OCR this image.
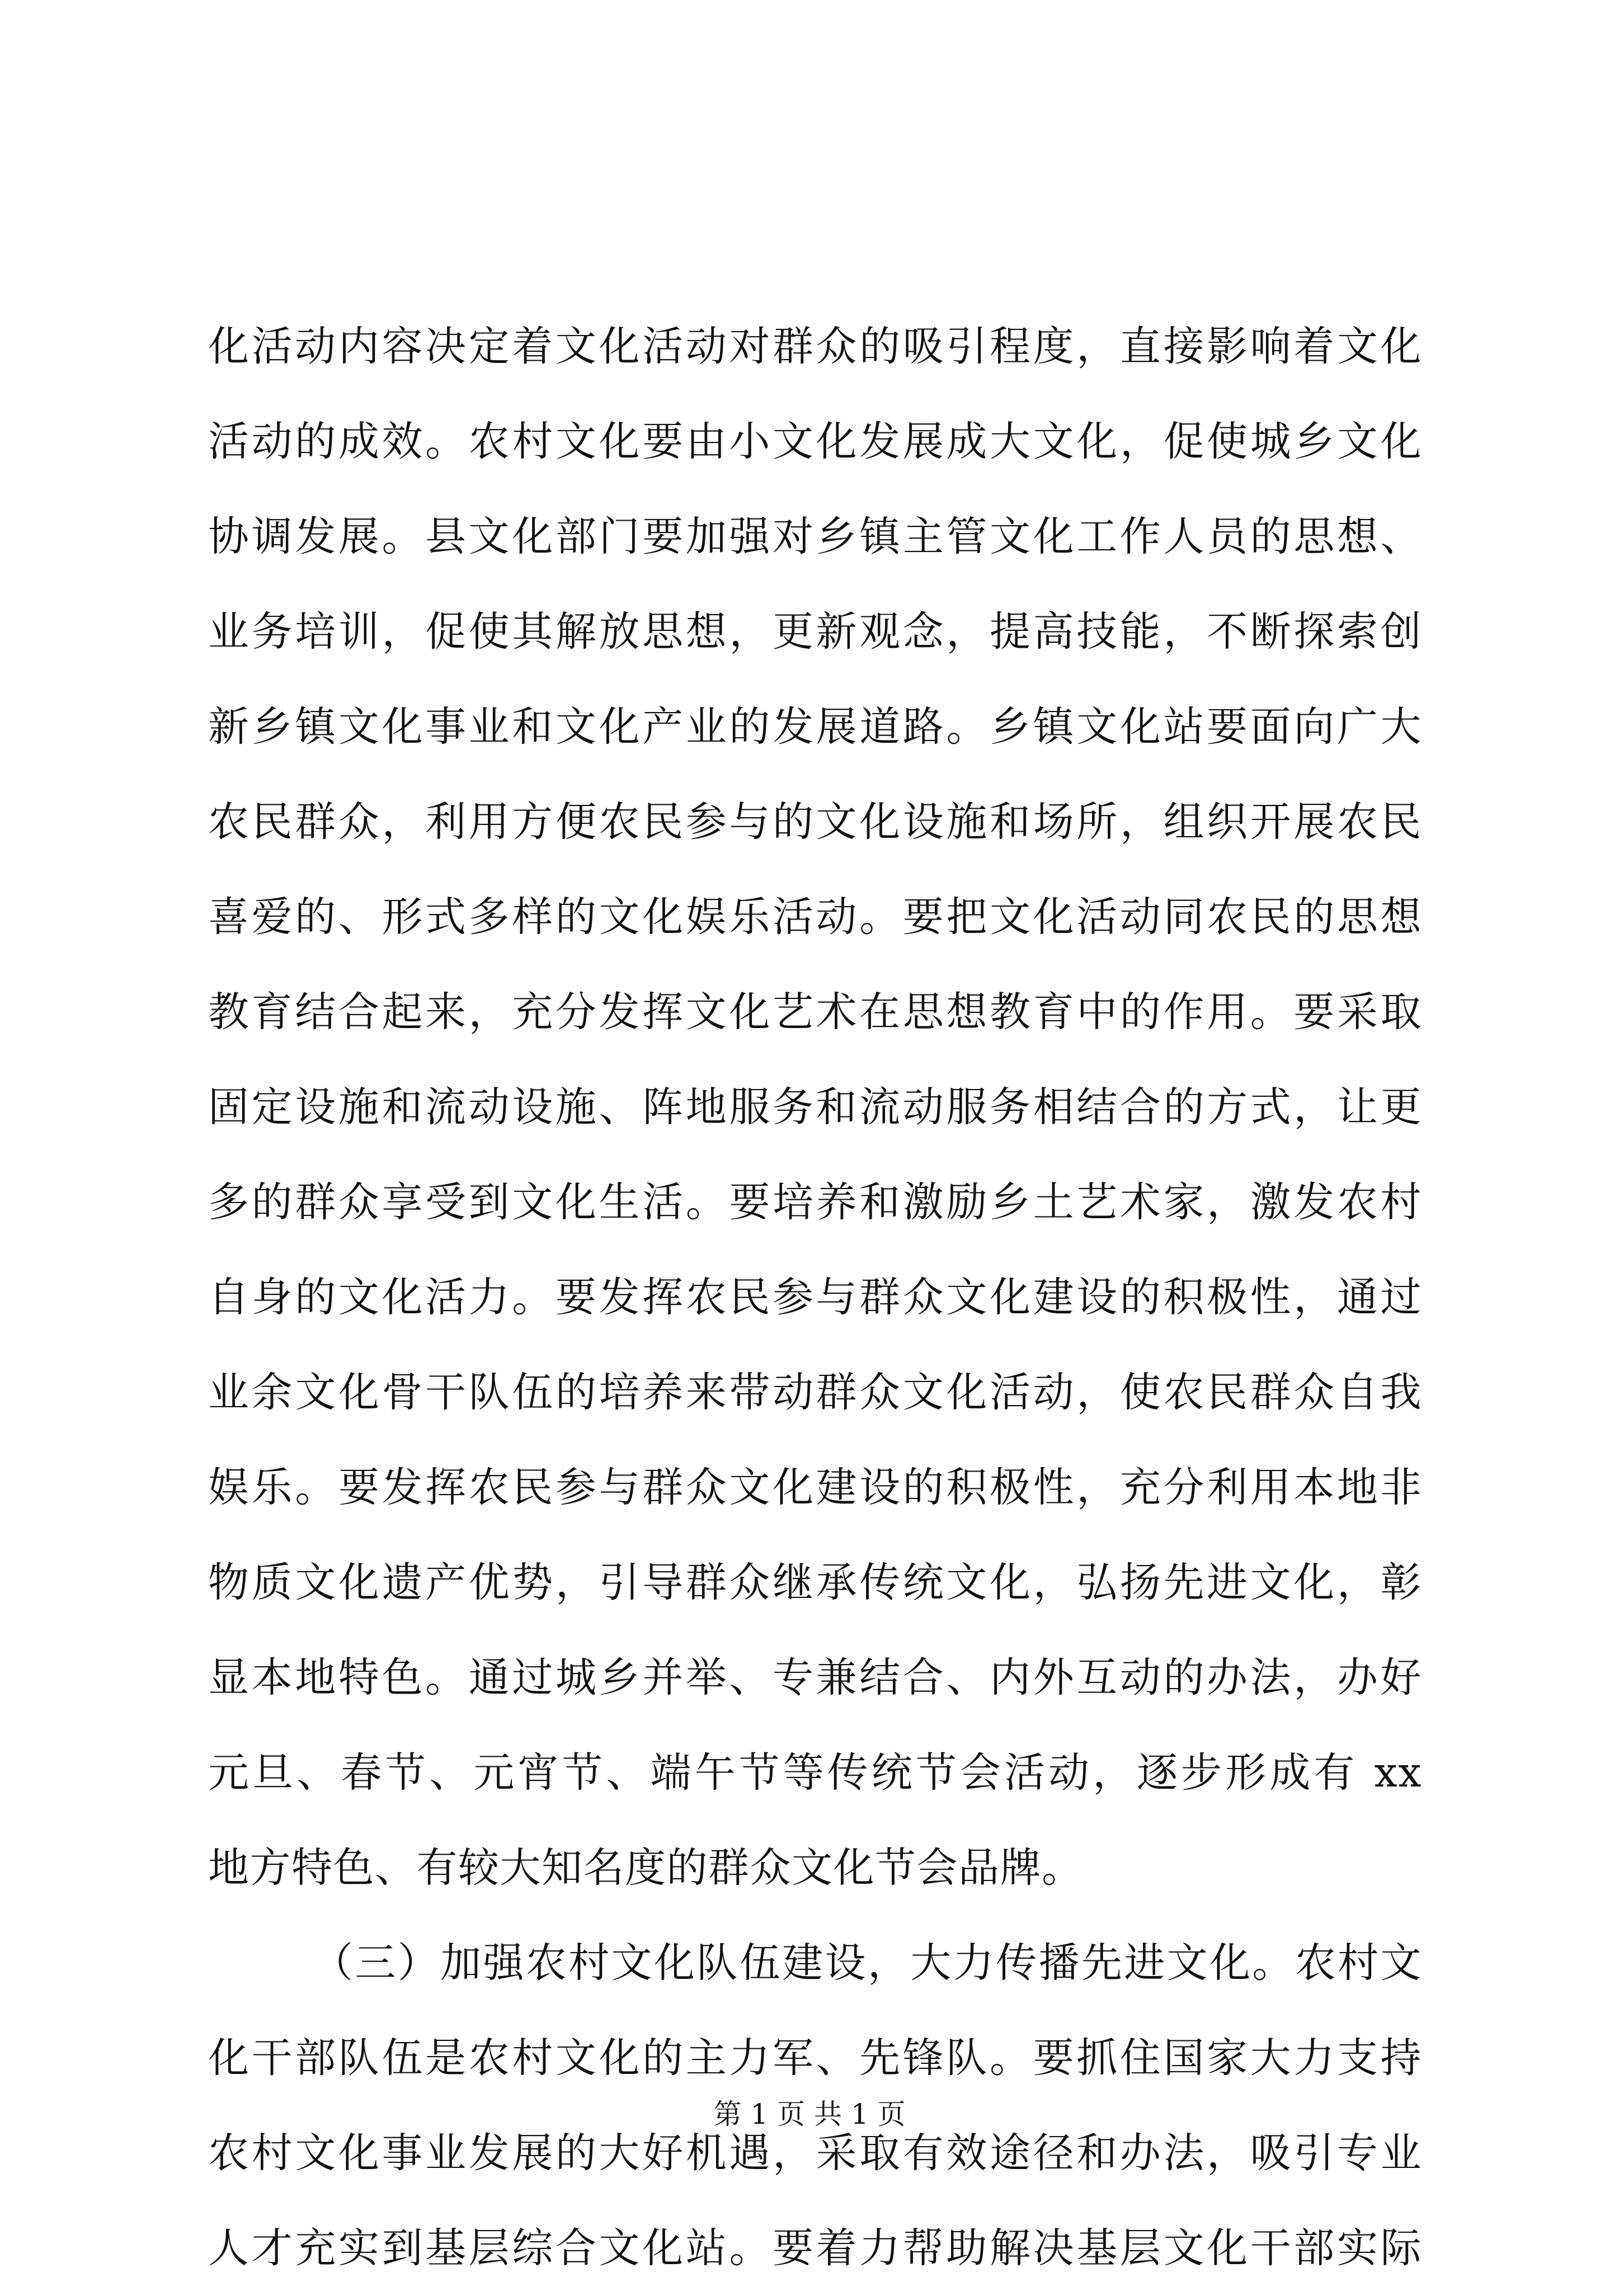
化活动内容决定着文化活动对群众的吸引程度，直接影响着文化
活动的成效。农村文化要由小文化发展成大文化，促使城乡文化
协调发展。县文化部门要加强对乡镇主管文化工作人员的思想、
业务培训，促使其解放思想，更新观念，提高技能，不断探索创
新乡镇文化事业和文化产业的发展道路。乡镇文化站要面向广大
农民群众，利用方便农民参与的文化设施和场所，组织开展农民
喜爱的、形式多样的文化娱乐活动。要把文化活动同农民的思想
教育结合起来，充分发挥文化艺术在思想教育中的作用。要采取
固定设施和流动设施、阵地服务和流动服务相结合的方式，让更
多的群众享受到文化生活。要培养和激励乡土艺术家，激发农村
自身的文化活力。要发挥农民参与群众文化建设的积极性，通过
业余文化骨干队伍的培养来带动群众文化活动，使农民群众自我
娱乐。要发挥农民参与群众文化建设的积极性，充分利用本地非
物质文化遗产优势，引导群众继承传统文化，弘扬先进文化，彰
显本地特色。通过城乡并举、专兼结合、内外互动的办法，办好
元旦、春节、元宵节、端午节等传统节会活动，逐步形成有 xx
地方特色、有较大知名度的群众文化节会品牌。
（三）加强农村文化队伍建设，大力传播先进文化。农村文
化干部队伍是农村文化的主力军、先锋队。要抓住国家大力支持
农村文化事业发展的大好机遇，采取有效途径和办法，吸引专业
人才充实到基层综合文化站。要着力帮助解决基层文化干部实际
第 1 页 共 1 页
